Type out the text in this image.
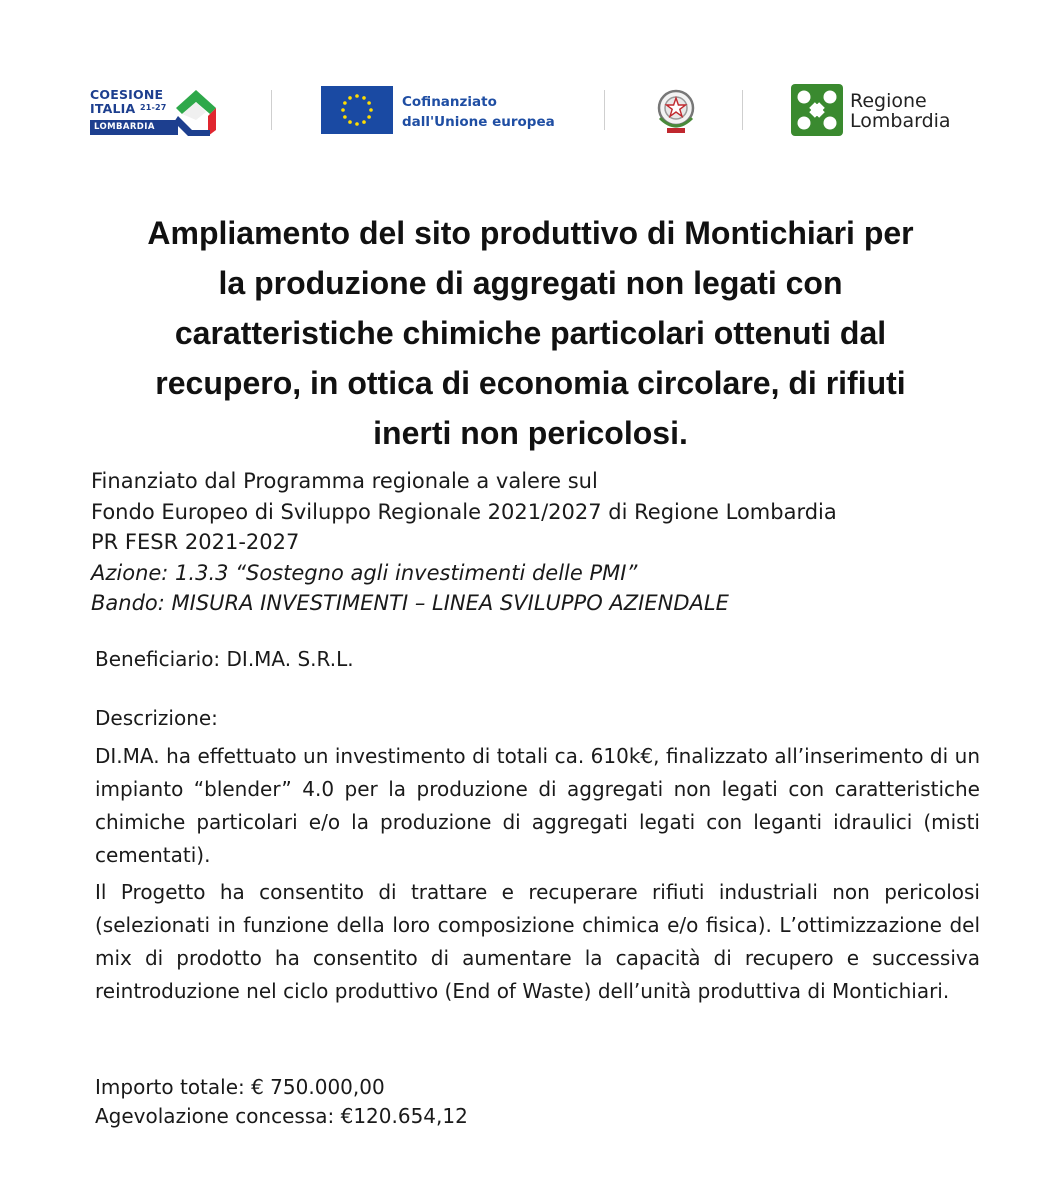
COESIONE
ITALIA $^{21-27}$
LOMBARDIA
Cofinanziato
dall'Unione europea
Regione
Lombardia
Ampliamento del sito produttivo di Montichiari per
la produzione di aggregati non legati con
caratteristiche chimiche particolari ottenuti dal
recupero, in ottica di economia circolare, di rifiuti
inerti non pericolosi.
Finanziato dal Programma regionale a valere sul
Fondo Europeo di Sviluppo Regionale 2021/2027 di Regione Lombardia
PR FESR 2021-2027
Azione: 1.3.3 “Sostegno agli investimenti delle PMI”
Bando: MISURA INVESTIMENTI – LINEA SVILUPPO AZIENDALE
Beneficiario: DI.MA. S.R.L.
Descrizione:

DI.MA. ha effettuato un investimento di totali ca. 610k€, finalizzato all’inserimento di un impianto “blender” 4.0 per la produzione di aggregati non legati con caratteristiche chimiche particolari e/o la produzione di aggregati legati con leganti idraulici (misti cementati).

Il Progetto ha consentito di trattare e recuperare rifiuti industriali non pericolosi (selezionati in funzione della loro composizione chimica e/o fisica). L’ottimizzazione del mix di prodotto ha consentito di aumentare la capacità di recupero e successiva reintroduzione nel ciclo produttivo (End of Waste) dell’unità produttiva di Montichiari.

Importo totale: € 750.000,00
Agevolazione concessa: €120.654,12
